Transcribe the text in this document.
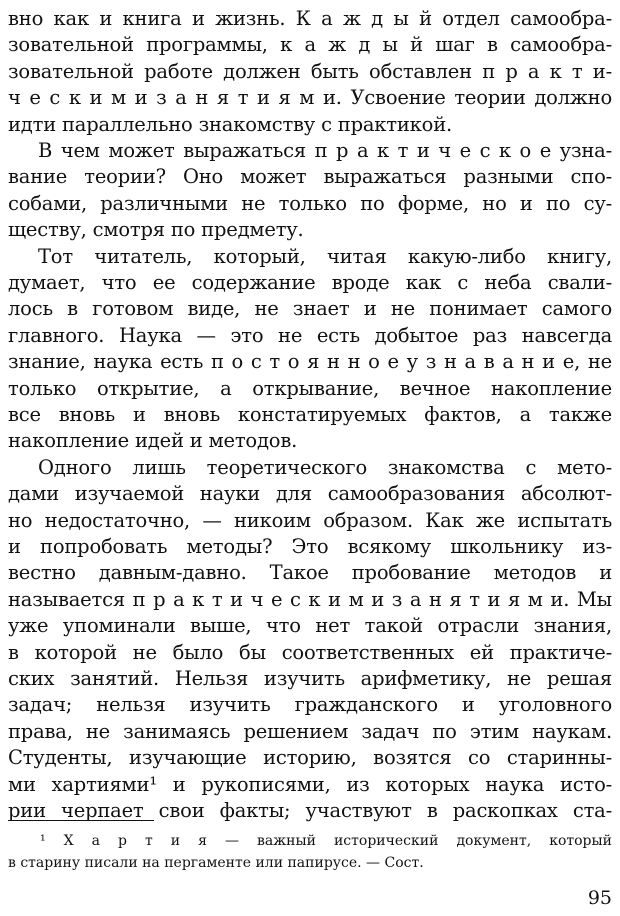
вно как и книга и жизнь. К а ж д ы й отдел самообра-
зовательной программы, к а ж д ы й шаг в самообра-
зовательной работе должен быть обставлен п р а к т и-
ч е с к и м и з а н я т и я м и. Усвоение теории должно
идти параллельно знакомству с практикой.
В чем может выражаться п р а к т и ч е с к о е узна-
вание теории? Оно может выражаться разными спо-
собами, различными не только по форме, но и по су-
ществу, смотря по предмету.
Тот читатель, который, читая какую-либо книгу,
думает, что ее содержание вроде как с неба свали-
лось в готовом виде, не знает и не понимает самого
главного. Наука — это не есть добытое раз навсегда
знание, наука есть п о с т о я н н о е у з н а в а н и е, не
только открытие, а открывание, вечное накопление
все вновь и вновь констатируемых фактов, а также
накопление идей и методов.
Одного лишь теоретического знакомства с мето-
дами изучаемой науки для самообразования абсолют-
но недостаточно, — никоим образом. Как же испытать
и попробовать методы? Это всякому школьнику из-
вестно давным-давно. Такое пробование методов и
называется п р а к т и ч е с к и м и з а н я т и я м и. Мы
уже упоминали выше, что нет такой отрасли знания,
в которой не было бы соответственных ей практиче-
ских занятий. Нельзя изучить арифметику, не решая
задач; нельзя изучить гражданского и уголовного
права, не занимаясь решением задач по этим наукам.
Студенты, изучающие историю, возятся со старинны-
ми хартиями¹ и рукописями, из которых наука исто-
рии черпает свои факты; участвуют в раскопках ста-
¹ Х а р т и я — важный исторический документ, который
в старину писали на пергаменте или папирусе. — Сост.
95
